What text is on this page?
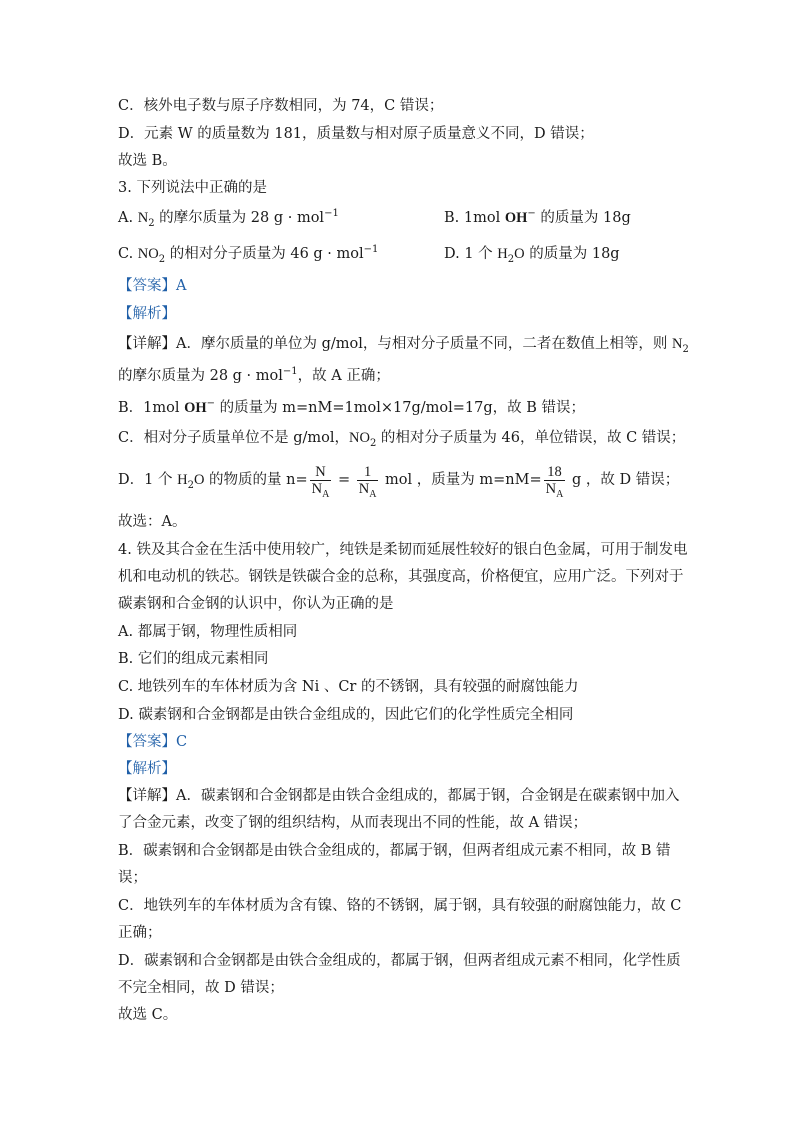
C．核外电子数与原子序数相同，为 74，C 错误；
D．元素 W 的质量数为 181，质量数与相对原子质量意义不同，D 错误；
故选 B。
3. 下列说法中正确的是
A. $N_2$ 的摩尔质量为 28 g · mol$^{-1}$	B. 1mol OH− 的质量为 18g
C. $NO_2$ 的相对分子质量为 46 g · mol$^{-1}$	D. 1 个 $H_2O$ 的质量为 18g
【答案】A
【解析】
【详解】A．摩尔质量的单位为 g/mol，与相对分子质量不同，二者在数值上相等，则 $N_2$
的摩尔质量为 28 g · mol$^{-1}$，故 A 正确；
B．1mol OH− 的质量为 m=nM=1mol×17g/mol=17g，故 B 错误；
C．相对分子质量单位不是 g/mol，$NO_2$ 的相对分子质量为 46，单位错误，故 C 错误；
D．1 个 $H_2O$ 的物质的量 $n= \frac{N}{N_A} = \frac{1}{N_A}$ mol ，质量为 $m=nM= \frac{18}{N_A}$ g ，故 D 错误；
故选：A。
4. 铁及其合金在生活中使用较广，纯铁是柔韧而延展性较好的银白色金属，可用于制发电
机和电动机的铁芯。钢铁是铁碳合金的总称，其强度高，价格便宜，应用广泛。下列对于
碳素钢和合金钢的认识中，你认为正确的是
A. 都属于钢，物理性质相同
B. 它们的组成元素相同
C. 地铁列车的车体材质为含 Ni 、Cr 的不锈钢，具有较强的耐腐蚀能力
D. 碳素钢和合金钢都是由铁合金组成的，因此它们的化学性质完全相同
【答案】C
【解析】
【详解】A．碳素钢和合金钢都是由铁合金组成的，都属于钢，合金钢是在碳素钢中加入
了合金元素，改变了钢的组织结构，从而表现出不同的性能，故 A 错误；
B．碳素钢和合金钢都是由铁合金组成的，都属于钢，但两者组成元素不相同，故 B 错
误；
C．地铁列车的车体材质为含有镍、铬的不锈钢，属于钢，具有较强的耐腐蚀能力，故 C
正确；
D．碳素钢和合金钢都是由铁合金组成的，都属于钢，但两者组成元素不相同，化学性质
不完全相同，故 D 错误；
故选 C。
